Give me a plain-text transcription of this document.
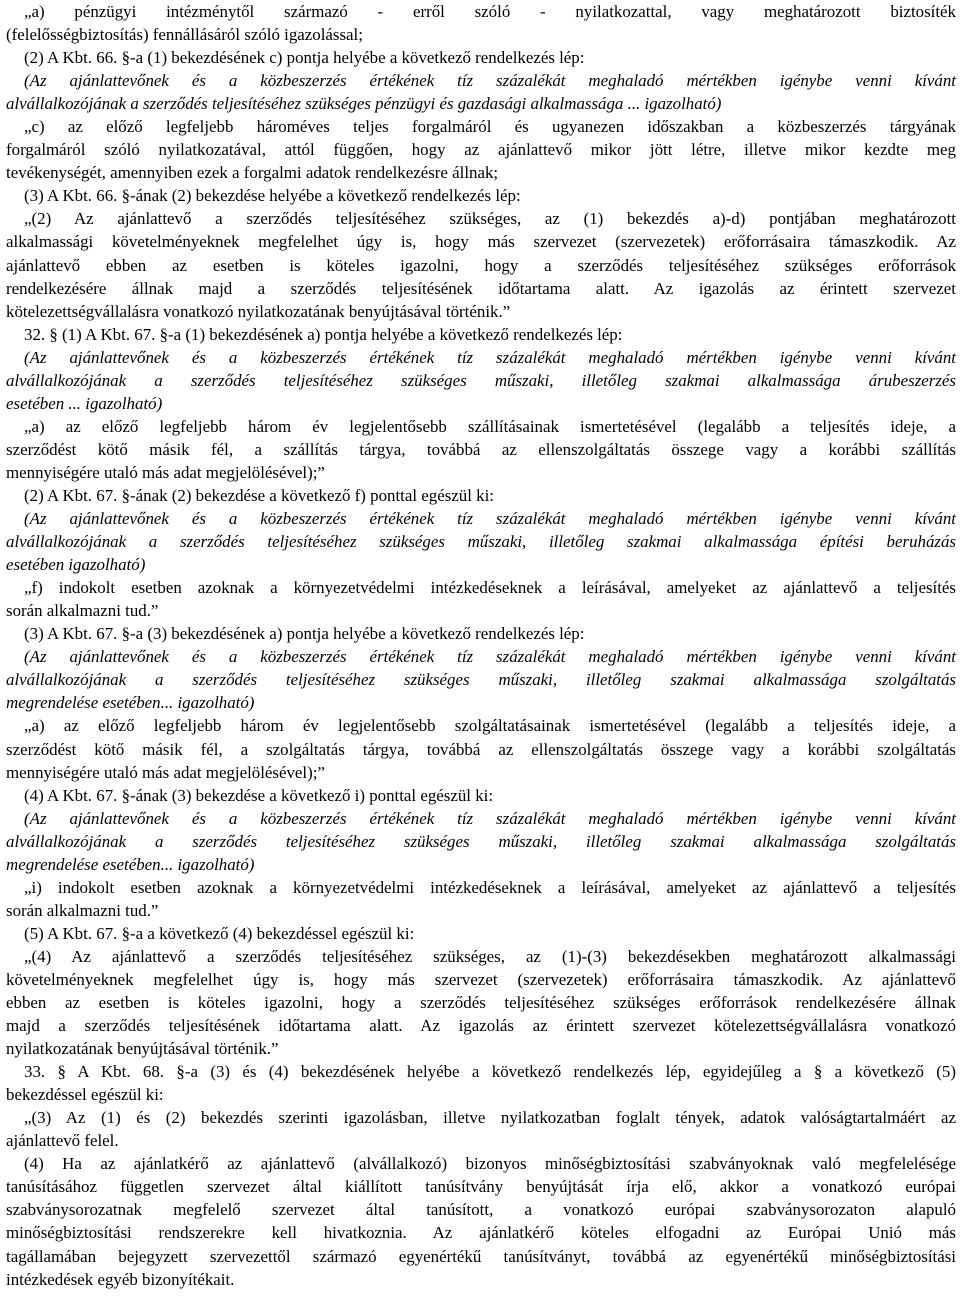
„a) pénzügyi intézménytől származó - erről szóló - nyilatkozattal, vagy meghatározott biztosíték
(felelősségbiztosítás) fennállásáról szóló igazolással;

(2) A Kbt. 66. §-a (1) bekezdésének c) pontja helyébe a következő rendelkezés lép:

(Az ajánlattevőnek és a közbeszerzés értékének tíz százalékát meghaladó mértékben igénybe venni kívánt
alvállalkozójának a szerződés teljesítéséhez szükséges pénzügyi és gazdasági alkalmassága ... igazolható)

„c) az előző legfeljebb hároméves teljes forgalmáról és ugyanezen időszakban a közbeszerzés tárgyának
forgalmáról szóló nyilatkozatával, attól függően, hogy az ajánlattevő mikor jött létre, illetve mikor kezdte meg
tevékenységét, amennyiben ezek a forgalmi adatok rendelkezésre állnak;

(3) A Kbt. 66. §-ának (2) bekezdése helyébe a következő rendelkezés lép:

„(2) Az ajánlattevő a szerződés teljesítéséhez szükséges, az (1) bekezdés a)-d) pontjában meghatározott
alkalmassági követelményeknek megfelelhet úgy is, hogy más szervezet (szervezetek) erőforrásaira támaszkodik. Az
ajánlattevő ebben az esetben is köteles igazolni, hogy a szerződés teljesítéséhez szükséges erőforrások
rendelkezésére állnak majd a szerződés teljesítésének időtartama alatt. Az igazolás az érintett szervezet
kötelezettségvállalásra vonatkozó nyilatkozatának benyújtásával történik.”

32. § (1) A Kbt. 67. §-a (1) bekezdésének a) pontja helyébe a következő rendelkezés lép:

(Az ajánlattevőnek és a közbeszerzés értékének tíz százalékát meghaladó mértékben igénybe venni kívánt
alvállalkozójának a szerződés teljesítéséhez szükséges műszaki, illetőleg szakmai alkalmassága árubeszerzés
esetében ... igazolható)

„a) az előző legfeljebb három év legjelentősebb szállításainak ismertetésével (legalább a teljesítés ideje, a
szerződést kötő másik fél, a szállítás tárgya, továbbá az ellenszolgáltatás összege vagy a korábbi szállítás
mennyiségére utaló más adat megjelölésével);”

(2) A Kbt. 67. §-ának (2) bekezdése a következő f) ponttal egészül ki:

(Az ajánlattevőnek és a közbeszerzés értékének tíz százalékát meghaladó mértékben igénybe venni kívánt
alvállalkozójának a szerződés teljesítéséhez szükséges műszaki, illetőleg szakmai alkalmassága építési beruházás
esetében igazolható)

„f) indokolt esetben azoknak a környezetvédelmi intézkedéseknek a leírásával, amelyeket az ajánlattevő a teljesítés
során alkalmazni tud.”

(3) A Kbt. 67. §-a (3) bekezdésének a) pontja helyébe a következő rendelkezés lép:

(Az ajánlattevőnek és a közbeszerzés értékének tíz százalékát meghaladó mértékben igénybe venni kívánt
alvállalkozójának a szerződés teljesítéséhez szükséges műszaki, illetőleg szakmai alkalmassága szolgáltatás
megrendelése esetében... igazolható)

„a) az előző legfeljebb három év legjelentősebb szolgáltatásainak ismertetésével (legalább a teljesítés ideje, a
szerződést kötő másik fél, a szolgáltatás tárgya, továbbá az ellenszolgáltatás összege vagy a korábbi szolgáltatás
mennyiségére utaló más adat megjelölésével);”

(4) A Kbt. 67. §-ának (3) bekezdése a következő i) ponttal egészül ki:

(Az ajánlattevőnek és a közbeszerzés értékének tíz százalékát meghaladó mértékben igénybe venni kívánt
alvállalkozójának a szerződés teljesítéséhez szükséges műszaki, illetőleg szakmai alkalmassága szolgáltatás
megrendelése esetében... igazolható)

„i) indokolt esetben azoknak a környezetvédelmi intézkedéseknek a leírásával, amelyeket az ajánlattevő a teljesítés
során alkalmazni tud.”

(5) A Kbt. 67. §-a a következő (4) bekezdéssel egészül ki:

„(4) Az ajánlattevő a szerződés teljesítéséhez szükséges, az (1)-(3) bekezdésekben meghatározott alkalmassági
követelményeknek megfelelhet úgy is, hogy más szervezet (szervezetek) erőforrásaira támaszkodik. Az ajánlattevő
ebben az esetben is köteles igazolni, hogy a szerződés teljesítéséhez szükséges erőforrások rendelkezésére állnak
majd a szerződés teljesítésének időtartama alatt. Az igazolás az érintett szervezet kötelezettségvállalásra vonatkozó
nyilatkozatának benyújtásával történik.”

33. § A Kbt. 68. §-a (3) és (4) bekezdésének helyébe a következő rendelkezés lép, egyidejűleg a § a következő (5)
bekezdéssel egészül ki:

„(3) Az (1) és (2) bekezdés szerinti igazolásban, illetve nyilatkozatban foglalt tények, adatok valóságtartalmáért az
ajánlattevő felel.

(4) Ha az ajánlatkérő az ajánlattevő (alvállalkozó) bizonyos minőségbiztosítási szabványoknak való megfelelésége
tanúsításához független szervezet által kiállított tanúsítvány benyújtását írja elő, akkor a vonatkozó európai
szabványsorozatnak megfelelő szervezet által tanúsított, a vonatkozó európai szabványsorozaton alapuló
minőségbiztosítási rendszerekre kell hivatkoznia. Az ajánlatkérő köteles elfogadni az Európai Unió más
tagállamában bejegyzett szervezettől származó egyenértékű tanúsítványt, továbbá az egyenértékű minőségbiztosítási
intézkedések egyéb bizonyítékait.
